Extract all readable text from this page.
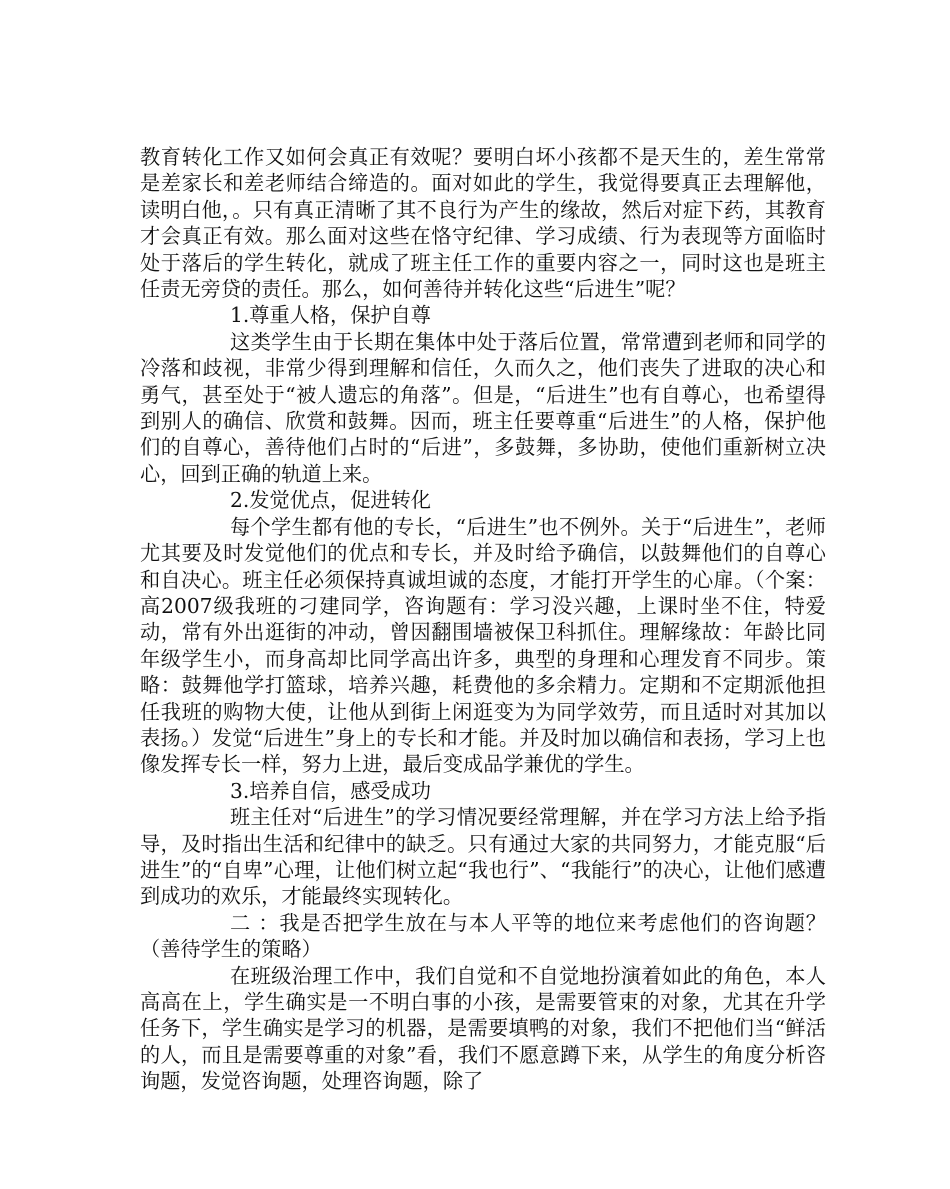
教育转化工作又如何会真正有效呢？要明白坏小孩都不是天生的，差生常常是差家长和差老师结合缔造的。面对如此的学生，我觉得要真正去理解他，读明白他，。只有真正清晰了其不良行为产生的缘故，然后对症下药，其教育才会真正有效。那么面对这些在恪守纪律、学习成绩、行为表现等方面临时处于落后的学生转化，就成了班主任工作的重要内容之一，同时这也是班主任责无旁贷的责任。那么，如何善待并转化这些“后进生”呢？

1.尊重人格，保护自尊

这类学生由于长期在集体中处于落后位置，常常遭到老师和同学的冷落和歧视，非常少得到理解和信任，久而久之，他们丧失了进取的决心和勇气，甚至处于“被人遗忘的角落”。但是，“后进生”也有自尊心，也希望得到别人的确信、欣赏和鼓舞。因而，班主任要尊重“后进生”的人格，保护他们的自尊心，善待他们占时的“后进”，多鼓舞，多协助，使他们重新树立决心，回到正确的轨道上来。

2.发觉优点，促进转化

每个学生都有他的专长，“后进生”也不例外。关于“后进生”，老师尤其要及时发觉他们的优点和专长，并及时给予确信，以鼓舞他们的自尊心和自决心。班主任必须保持真诚坦诚的态度，才能打开学生的心扉。（个案：高2007级我班的刁建同学，咨询题有：学习没兴趣，上课时坐不住，特爱动，常有外出逛街的冲动，曾因翻围墙被保卫科抓住。理解缘故：年龄比同年级学生小，而身高却比同学高出许多，典型的身理和心理发育不同步。策略：鼓舞他学打篮球，培养兴趣，耗费他的多余精力。定期和不定期派他担任我班的购物大使，让他从到街上闲逛变为为同学效劳，而且适时对其加以表扬。）发觉“后进生”身上的专长和才能。并及时加以确信和表扬，学习上也像发挥专长一样，努力上进，最后变成品学兼优的学生。

3.培养自信，感受成功

班主任对“后进生”的学习情况要经常理解，并在学习方法上给予指导，及时指出生活和纪律中的缺乏。只有通过大家的共同努力，才能克服“后进生”的“自卑”心理，让他们树立起“我也行”、“我能行”的决心，让他们感遭到成功的欢乐，才能最终实现转化。

二 ：我是否把学生放在与本人平等的地位来考虑他们的咨询题？（善待学生的策略）

在班级治理工作中，我们自觉和不自觉地扮演着如此的角色，本人高高在上，学生确实是一不明白事的小孩，是需要管束的对象，尤其在升学任务下，学生确实是学习的机器，是需要填鸭的对象，我们不把他们当“鲜活的人，而且是需要尊重的对象”看，我们不愿意蹲下来，从学生的角度分析咨询题，发觉咨询题，处理咨询题，除了
